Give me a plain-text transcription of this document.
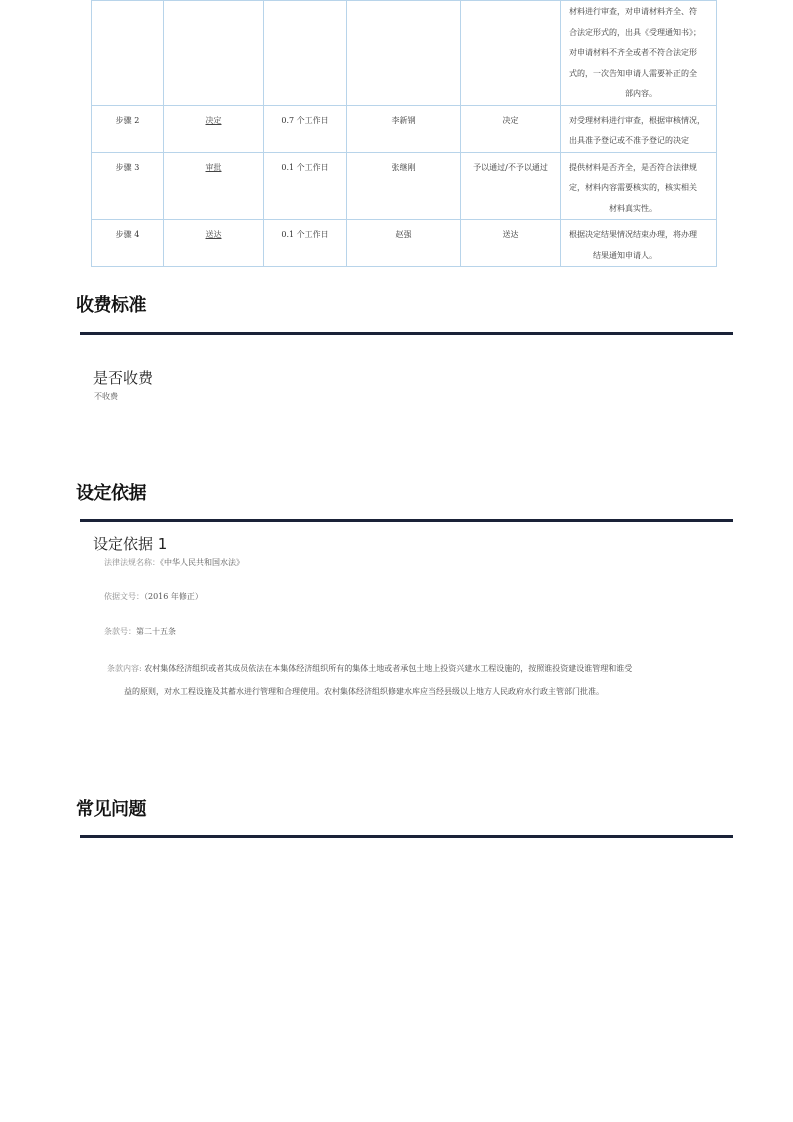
					材料进行审查，对申请材料齐全、符
合法定形式的，出具《受理通知书》；
对申请材料不齐全或者不符合法定形
式的，一次告知申请人需要补正的全
部内容。

步骤 2	决定	0.7 个工作日	李新钢	决定	对受理材料进行审查，根据审核情况，
出具准予登记或不准予登记的决定

步骤 3	审批	0.1 个工作日	张继刚	予以通过/不予以通过	提供材料是否齐全，是否符合法律规
定，材料内容需要核实的，核实相关
材料真实性。

步骤 4	送达	0.1 个工作日	赵强	送达	根据决定结果情况结束办理，将办理
结果通知申请人。
收费标准
是否收费
不收费
设定依据
设定依据 1
法律法规名称：《中华人民共和国水法》
依据文号：（2016 年修正）
条款号：第二十五条
条款内容: 农村集体经济组织或者其成员依法在本集体经济组织所有的集体土地或者承包土地上投资兴建水工程设施的，按照谁投资建设谁管理和谁受
益的原则，对水工程设施及其蓄水进行管理和合理使用。农村集体经济组织修建水库应当经县级以上地方人民政府水行政主管部门批准。
常见问题
